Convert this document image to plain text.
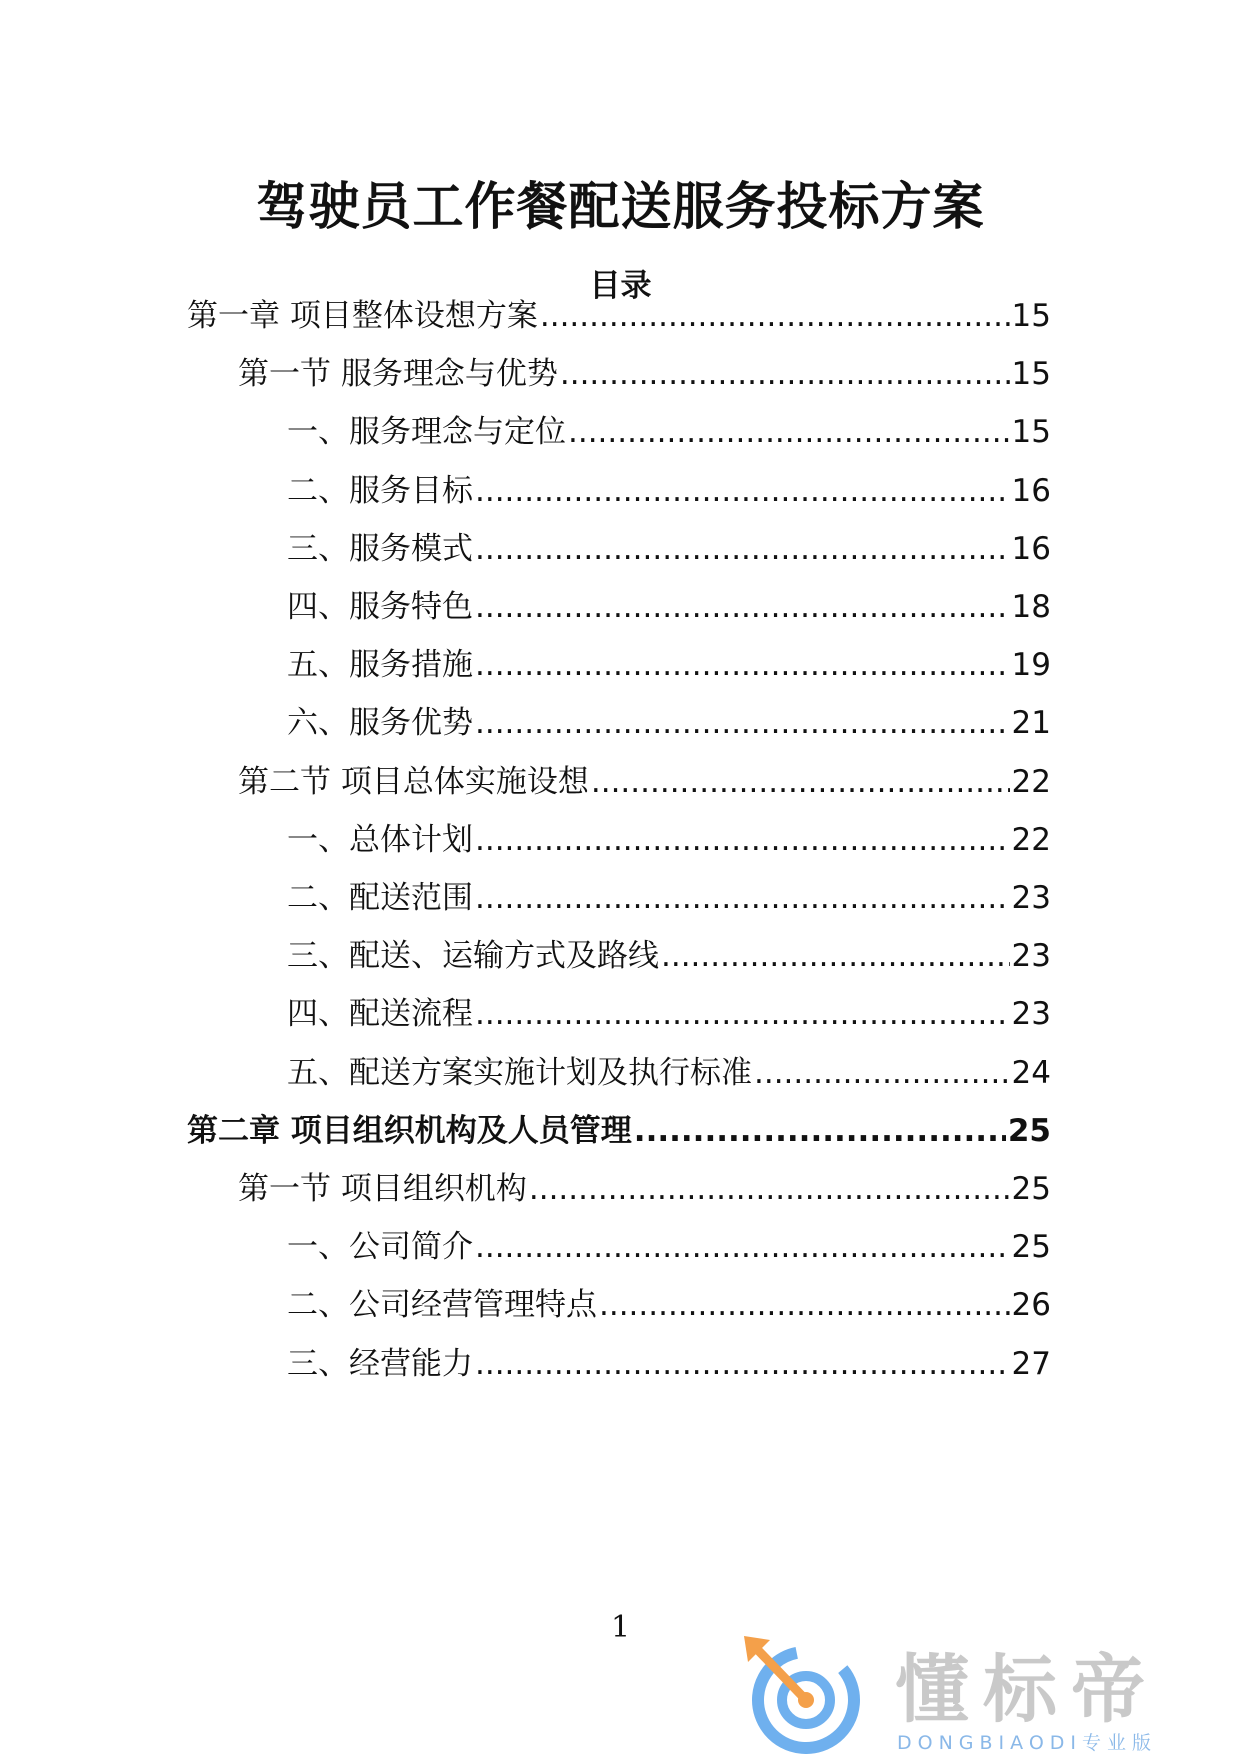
驾驶员工作餐配送服务投标方案
目录
第一章 项目整体设想方案 .....	15
第一节 服务理念与优势 .....	15
一、服务理念与定位 .....	15
二、服务目标 .....	16
三、服务模式 .....	16
四、服务特色 .....	18
五、服务措施 .....	19
六、服务优势 .....	21
第二节 项目总体实施设想 .....	22
一、总体计划 .....	22
二、配送范围 .....	23
三、配送、运输方式及路线 .....	23
四、配送流程 .....	23
五、配送方案实施计划及执行标准 .....	24
第二章 项目组织机构及人员管理 .....	25
第一节 项目组织机构 .....	25
一、公司简介 .....	25
二、公司经营管理特点 .....	26
三、经营能力 .....	27
1
懂标帝
DONGBIAODI专业版
